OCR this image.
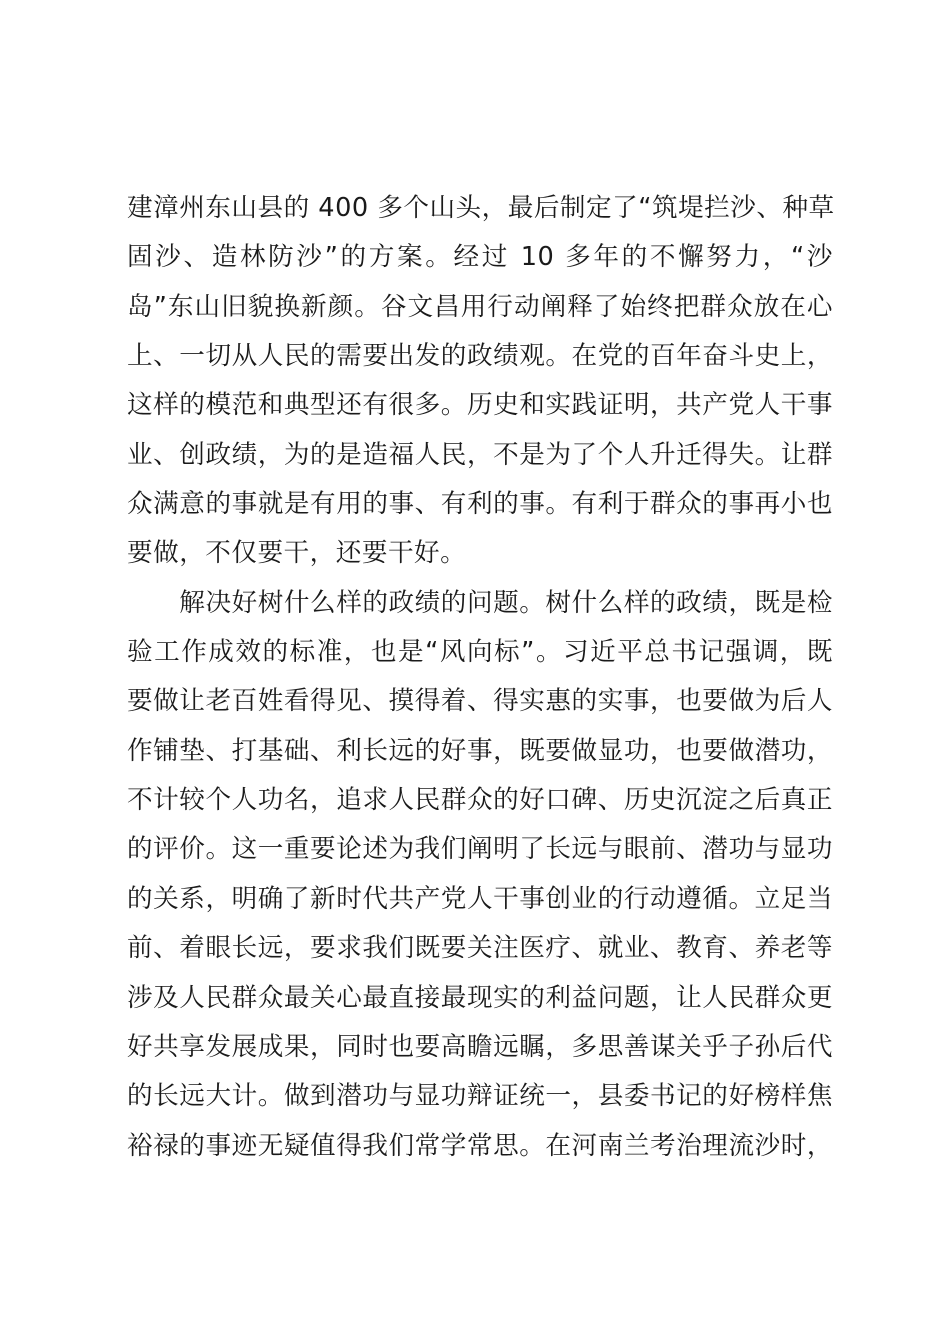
建漳州东山县的 400 多个山头，最后制定了“筑堤拦沙、种草
固沙、造林防沙”的方案。经过 10 多年的不懈努力，“沙
岛”东山旧貌换新颜。谷文昌用行动阐释了始终把群众放在心
上、一切从人民的需要出发的政绩观。在党的百年奋斗史上，
这样的模范和典型还有很多。历史和实践证明，共产党人干事
业、创政绩，为的是造福人民，不是为了个人升迁得失。让群
众满意的事就是有用的事、有利的事。有利于群众的事再小也
要做，不仅要干，还要干好。
　　解决好树什么样的政绩的问题。树什么样的政绩，既是检
验工作成效的标准，也是“风向标”。习近平总书记强调，既
要做让老百姓看得见、摸得着、得实惠的实事，也要做为后人
作铺垫、打基础、利长远的好事，既要做显功，也要做潜功，
不计较个人功名，追求人民群众的好口碑、历史沉淀之后真正
的评价。这一重要论述为我们阐明了长远与眼前、潜功与显功
的关系，明确了新时代共产党人干事创业的行动遵循。立足当
前、着眼长远，要求我们既要关注医疗、就业、教育、养老等
涉及人民群众最关心最直接最现实的利益问题，让人民群众更
好共享发展成果，同时也要高瞻远瞩，多思善谋关乎子孙后代
的长远大计。做到潜功与显功辩证统一，县委书记的好榜样焦
裕禄的事迹无疑值得我们常学常思。在河南兰考治理流沙时，
